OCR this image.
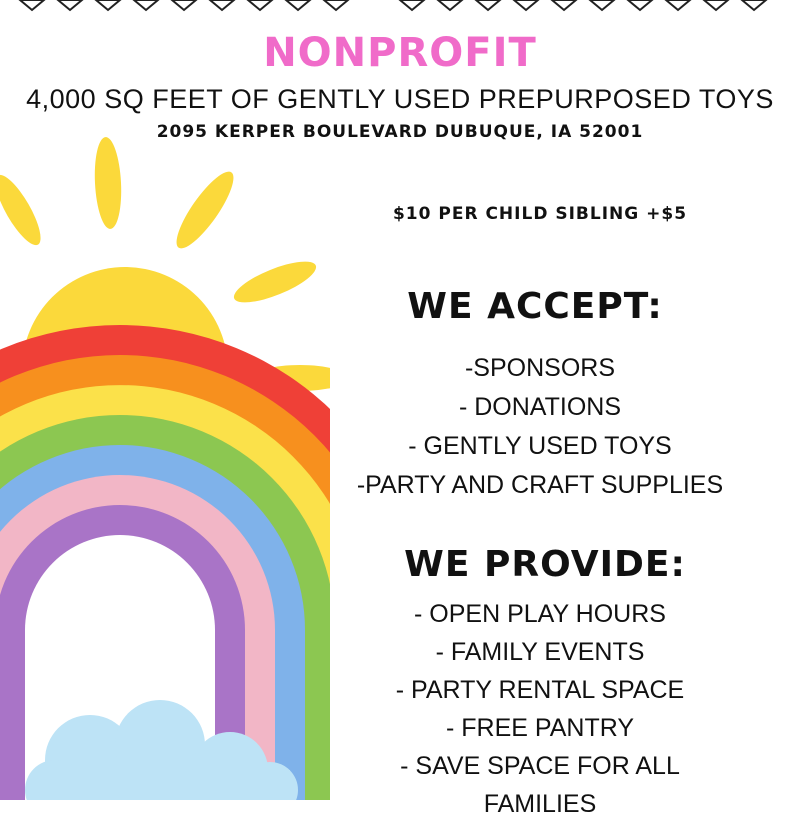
NONPROFIT
4,000 SQ FEET OF GENTLY USED PREPURPOSED TOYS
2095 KERPER BOULEVARD DUBUQUE, IA 52001
$10 PER CHILD SIBLING +$5
WE ACCEPT:
-SPONSORS
- DONATIONS
- GENTLY USED TOYS
-PARTY AND CRAFT SUPPLIES
WE PROVIDE:
- OPEN PLAY HOURS
- FAMILY EVENTS
- PARTY RENTAL SPACE
- FREE PANTRY
- SAVE SPACE FOR ALL
FAMILIES
